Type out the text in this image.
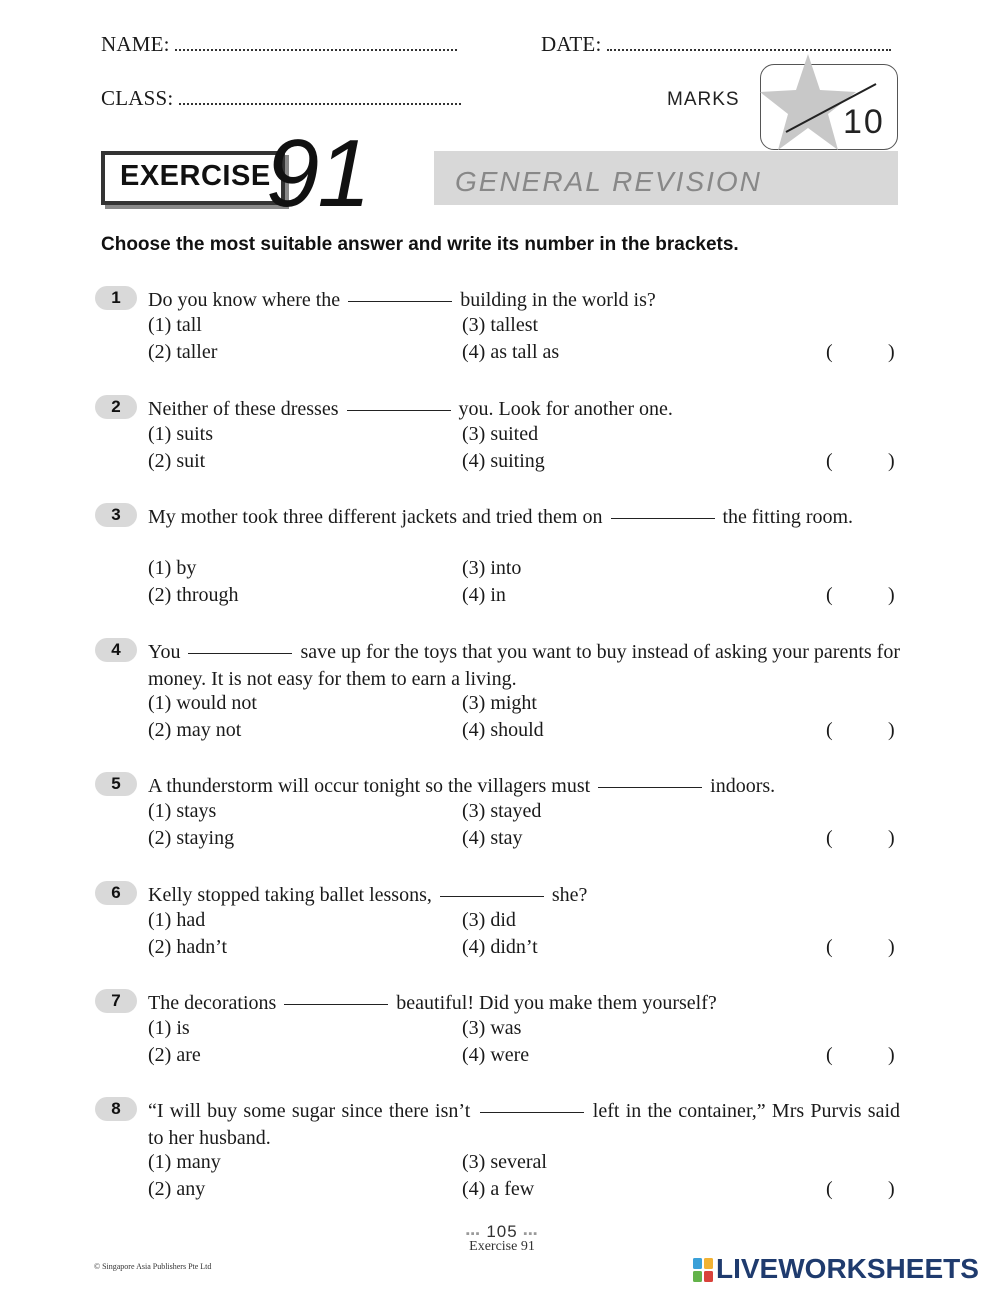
NAME:	DATE:
CLASS:	MARKS
10
EXERCISE
91	GENERAL REVISION
Choose the most suitable answer and write its number in the brackets.
1	Do you know where the	building in the world is?
(1) tall
(2) taller
(3) tallest
(4) as tall as	(	)
2	Neither of these dresses	you. Look for another one.
(1) suits
(2) suit
(3) suited
(4) suiting	(	)
3	My mother took three different jackets and tried them on	the fitting room.
(1) by
(2) through
(3) into
(4) in	(	)
4	You	save up for the toys that you want to buy instead of asking your parents for money. It is not easy for them to earn a living.
(1) would not
(2) may not
(3) might
(4) should	(	)
5	A thunderstorm will occur tonight so the villagers must	indoors.
(1) stays
(2) staying
(3) stayed
(4) stay	(	)
6	Kelly stopped taking ballet lessons,	she?
(1) had
(2) hadn’t
(3) did
(4) didn’t	(	)
7	The decorations	beautiful! Did you make them yourself?
(1) is
(2) are
(3) was
(4) were	(	)
8	“I will buy some sugar since there isn’t	left in the container,” Mrs Purvis said to her husband.
(1) many
(2) any
(3) several
(4) a few	(	)
▪▪▪ 105 ▪▪▪
Exercise 91
© Singapore Asia Publishers Pte Ltd	LIVEWORKSHEETS
